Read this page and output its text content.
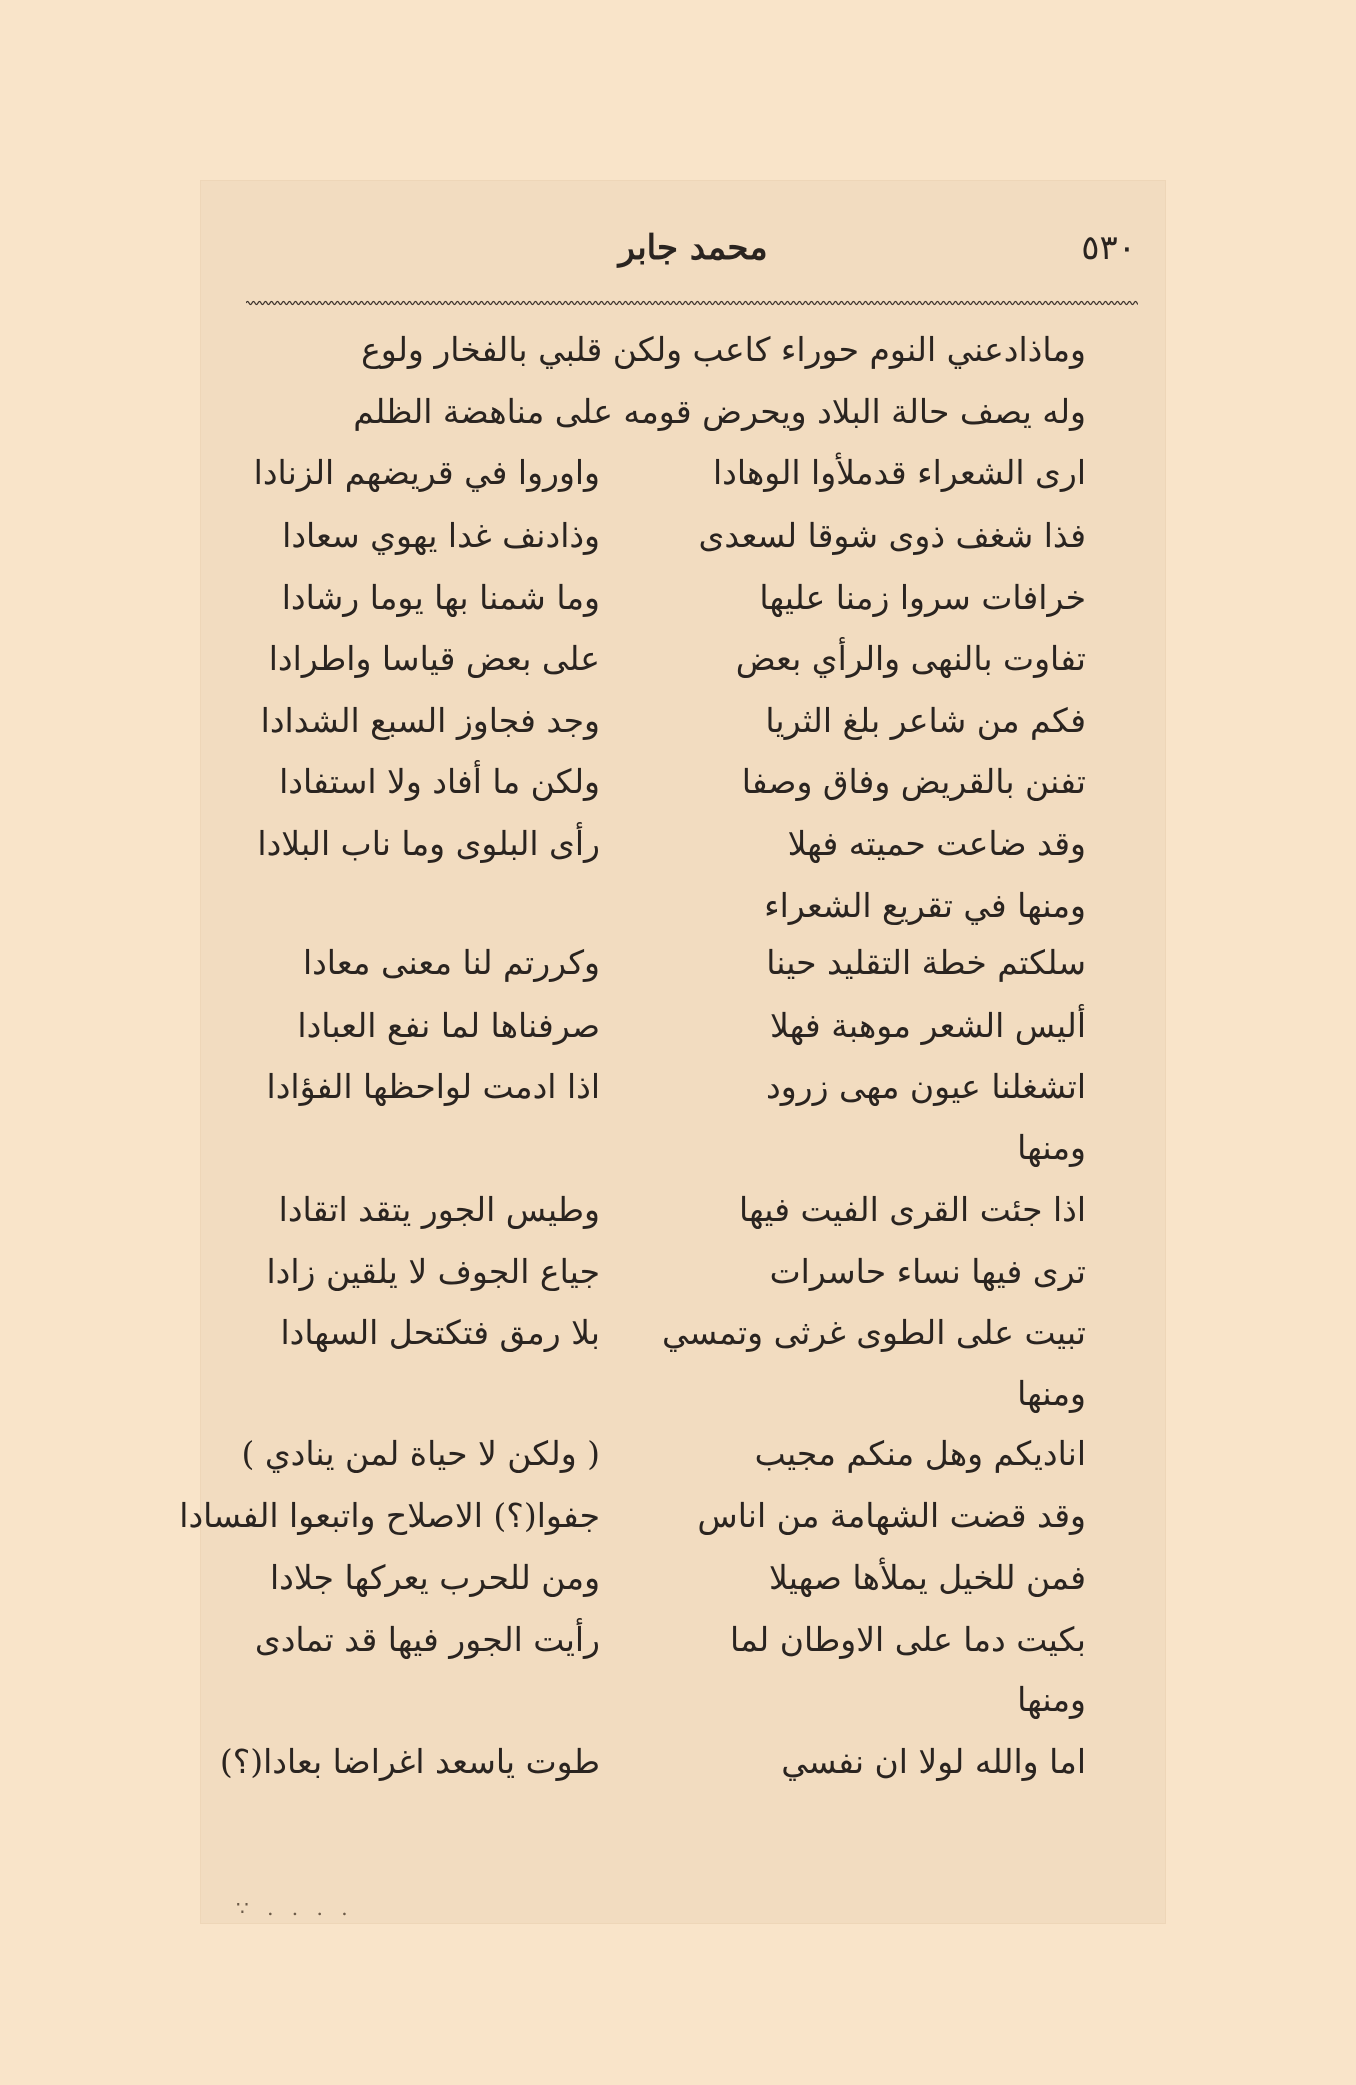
٥٣٠
محمد جابر
وماذادعني النوم حوراء كاعب ولكن قلبي بالفخار ولوع
وله يصف حالة البلاد ويحرض قومه على مناهضة الظلم
ارى الشعراء قدملأوا الوهادا
واوروا في قريضهم الزنادا
فذا شغف ذوى شوقا لسعدى
وذادنف غدا يهوي سعادا
خرافات سروا زمنا عليها
وما شمنا بها يوما رشادا
تفاوت بالنهى والرأي بعض
على بعض قياسا واطرادا
فكم من شاعر بلغ الثريا
وجد فجاوز السبع الشدادا
تفنن بالقريض وفاق وصفا
ولكن ما أفاد ولا استفادا
وقد ضاعت حميته فهلا
رأى البلوى وما ناب البلادا
ومنها في تقريع الشعراء
سلكتم خطة التقليد حينا
وكررتم لنا معنى معادا
أليس الشعر موهبة فهلا
صرفناها لما نفع العبادا
اتشغلنا عيون مهى زرود
اذا ادمت لواحظها الفؤادا
ومنها
اذا جئت القرى الفيت فيها
وطيس الجور يتقد اتقادا
ترى فيها نساء حاسرات
جياع الجوف لا يلقين زادا
تبيت على الطوى غرثى وتمسي
بلا رمق فتكتحل السهادا
ومنها
اناديكم وهل منكم مجيب
( ولكن لا حياة لمن ينادي )
وقد قضت الشهامة من اناس
جفوا(؟) الاصلاح واتبعوا الفسادا
فمن للخيل يملأها صهيلا
ومن للحرب يعركها جلادا
بكيت دما على الاوطان لما
رأيت الجور فيها قد تمادى
ومنها
اما والله لولا ان نفسي
طوت ياسعد اغراضا بعادا(؟)
∵ . . . .
